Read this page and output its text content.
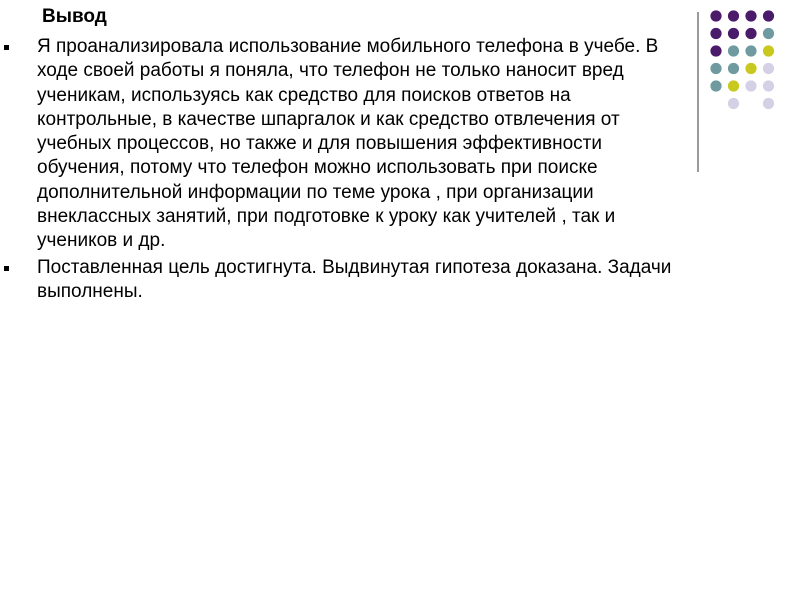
Вывод
Я проанализировала использование мобильного телефона в учебе. В ходе своей работы я поняла, что телефон не только наносит вред ученикам, используясь как средство для поисков ответов на контрольные, в качестве шпаргалок и как средство отвлечения от учебных процессов, но также и для повышения эффективности обучения, потому что телефон можно использовать при поиске дополнительной информации по теме урока , при организации внеклассных занятий, при подготовке к уроку как учителей , так и учеников и др.
Поставленная цель достигнута. Выдвинутая гипотеза доказана. Задачи выполнены.
